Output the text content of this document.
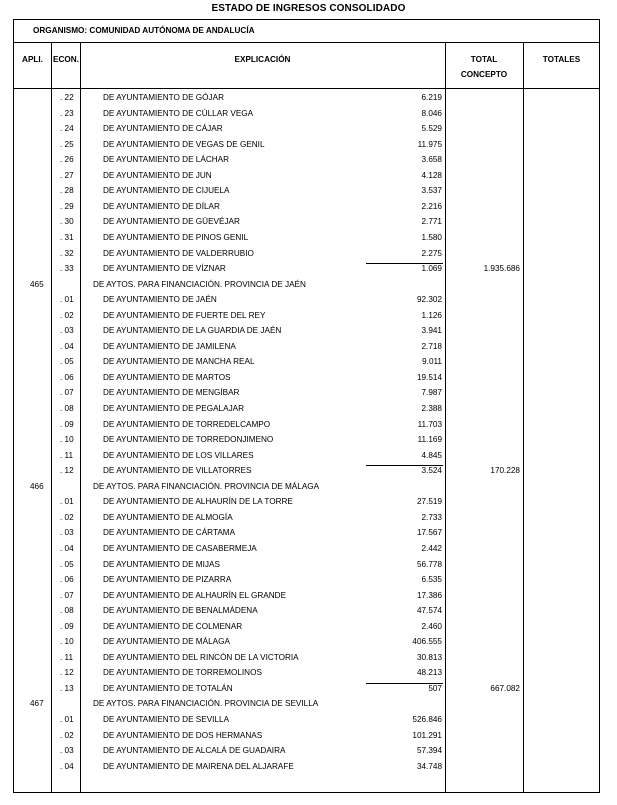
ESTADO DE INGRESOS CONSOLIDADO
ORGANISMO: COMUNIDAD AUTÓNOMA DE ANDALUCÍA
APLI.	ECON.	EXPLICACIÓN	TOTAL
CONCEPTO
TOTALES
. 22	DE AYUNTAMIENTO DE GÓJAR	6.219
. 23	DE AYUNTAMIENTO DE CÚLLAR VEGA	8.046
. 24	DE AYUNTAMIENTO DE CÁJAR	5.529
. 25	DE AYUNTAMIENTO DE VEGAS DE GENIL	11.975
. 26	DE AYUNTAMIENTO DE LÁCHAR	3.658
. 27	DE AYUNTAMIENTO DE JUN	4.128
. 28	DE AYUNTAMIENTO DE CIJUELA	3.537
. 29	DE AYUNTAMIENTO DE DÍLAR	2.216
. 30	DE AYUNTAMIENTO DE GÜEVÉJAR	2.771
. 31	DE AYUNTAMIENTO DE PINOS GENIL	1.580
. 32	DE AYUNTAMIENTO DE VALDERRUBIO	2.275
. 33	DE AYUNTAMIENTO DE VÍZNAR	1.069	1.935.686
465	DE AYTOS. PARA FINANCIACIÓN. PROVINCIA DE JAÉN
. 01	DE AYUNTAMIENTO DE JAÉN	92.302
. 02	DE AYUNTAMIENTO DE FUERTE DEL REY	1.126
. 03	DE AYUNTAMIENTO DE LA GUARDIA DE JAÉN	3.941
. 04	DE AYUNTAMIENTO DE JAMILENA	2.718
. 05	DE AYUNTAMIENTO DE MANCHA REAL	9.011
. 06	DE AYUNTAMIENTO DE MARTOS	19.514
. 07	DE AYUNTAMIENTO DE MENGÍBAR	7.987
. 08	DE AYUNTAMIENTO DE PEGALAJAR	2.388
. 09	DE AYUNTAMIENTO DE TORREDELCAMPO	11.703
. 10	DE AYUNTAMIENTO DE TORREDONJIMENO	11.169
. 11	DE AYUNTAMIENTO DE LOS VILLARES	4.845
. 12	DE AYUNTAMIENTO DE VILLATORRES	3.524	170.228
466	DE AYTOS. PARA FINANCIACIÓN. PROVINCIA DE MÁLAGA
. 01	DE AYUNTAMIENTO DE ALHAURÍN DE LA TORRE	27.519
. 02	DE AYUNTAMIENTO DE ALMOGÍA	2.733
. 03	DE AYUNTAMIENTO DE CÁRTAMA	17.567
. 04	DE AYUNTAMIENTO DE CASABERMEJA	2.442
. 05	DE AYUNTAMIENTO DE MIJAS	56.778
. 06	DE AYUNTAMIENTO DE PIZARRA	6.535
. 07	DE AYUNTAMIENTO DE ALHAURÍN EL GRANDE	17.386
. 08	DE AYUNTAMIENTO DE BENALMÁDENA	47.574
. 09	DE AYUNTAMIENTO DE COLMENAR	2.460
. 10	DE AYUNTAMIENTO DE MÁLAGA	406.555
. 11	DE AYUNTAMIENTO DEL RINCÓN DE LA VICTORIA	30.813
. 12	DE AYUNTAMIENTO DE TORREMOLINOS	48.213
. 13	DE AYUNTAMIENTO DE TOTALÁN	507	667.082
467	DE AYTOS. PARA FINANCIACIÓN. PROVINCIA DE SEVILLA
. 01	DE AYUNTAMIENTO DE SEVILLA	526.846
. 02	DE AYUNTAMIENTO DE DOS HERMANAS	101.291
. 03	DE AYUNTAMIENTO DE ALCALÁ DE GUADAIRA	57.394
. 04	DE AYUNTAMIENTO DE MAIRENA DEL ALJARAFE	34.748
